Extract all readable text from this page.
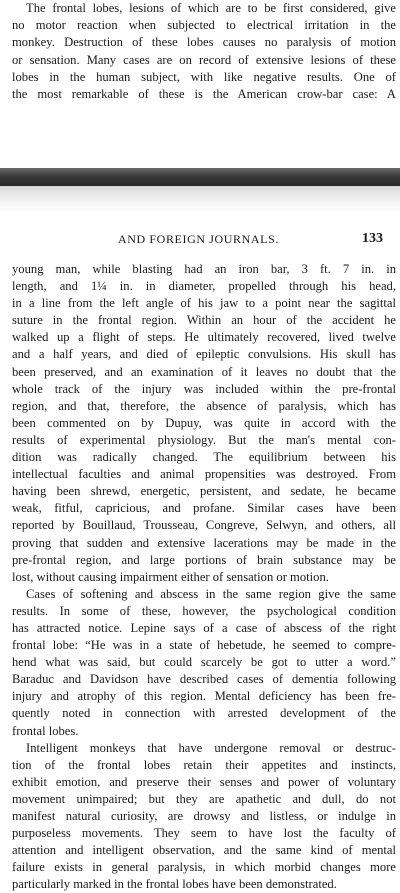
The frontal lobes, lesions of which are to be first considered, give
no motor reaction when subjected to electrical irritation in the
monkey. Destruction of these lobes causes no paralysis of motion
or sensation. Many cases are on record of extensive lesions of these
lobes in the human subject, with like negative results. One of
the most remarkable of these is the American crow-bar case: A
AND FOREIGN JOURNALS.	133
young man, while blasting had an iron bar, 3 ft. 7 in. in
length, and 1¼ in. in diameter, propelled through his head,
in a line from the left angle of his jaw to a point near the sagittal
suture in the frontal region. Within an hour of the accident he
walked up a flight of steps. He ultimately recovered, lived twelve
and a half years, and died of epileptic convulsions. His skull has
been preserved, and an examination of it leaves no doubt that the
whole track of the injury was included within the pre-frontal
region, and that, therefore, the absence of paralysis, which has
been commented on by Dupuy, was quite in accord with the
results of experimental physiology. But the man's mental con-
dition was radically changed. The equilibrium between his
intellectual faculties and animal propensities was destroyed. From
having been shrewd, energetic, persistent, and sedate, he became
weak, fitful, capricious, and profane. Similar cases have been
reported by Bouillaud, Trousseau, Congreve, Selwyn, and others, all
proving that sudden and extensive lacerations may be made in the
pre-frontal region, and large portions of brain substance may be
lost, without causing impairment either of sensation or motion.
Cases of softening and abscess in the same region give the same
results. In some of these, however, the psychological condition
has attracted notice. Lepine says of a case of abscess of the right
frontal lobe: “He was in a state of hebetude, he seemed to compre-
hend what was said, but could scarcely be got to utter a word.”
Baraduc and Davidson have described cases of dementia following
injury and atrophy of this region. Mental deficiency has been fre-
quently noted in connection with arrested development of the
frontal lobes.
Intelligent monkeys that have undergone removal or destruc-
tion of the frontal lobes retain their appetites and instincts,
exhibit emotion, and preserve their senses and power of voluntary
movement unimpaired; but they are apathetic and dull, do not
manifest natural curiosity, are drowsy and listless, or indulge in
purposeless movements. They seem to have lost the faculty of
attention and intelligent observation, and the same kind of mental
failure exists in general paralysis, in which morbid changes more
particularly marked in the frontal lobes have been demonstrated.
